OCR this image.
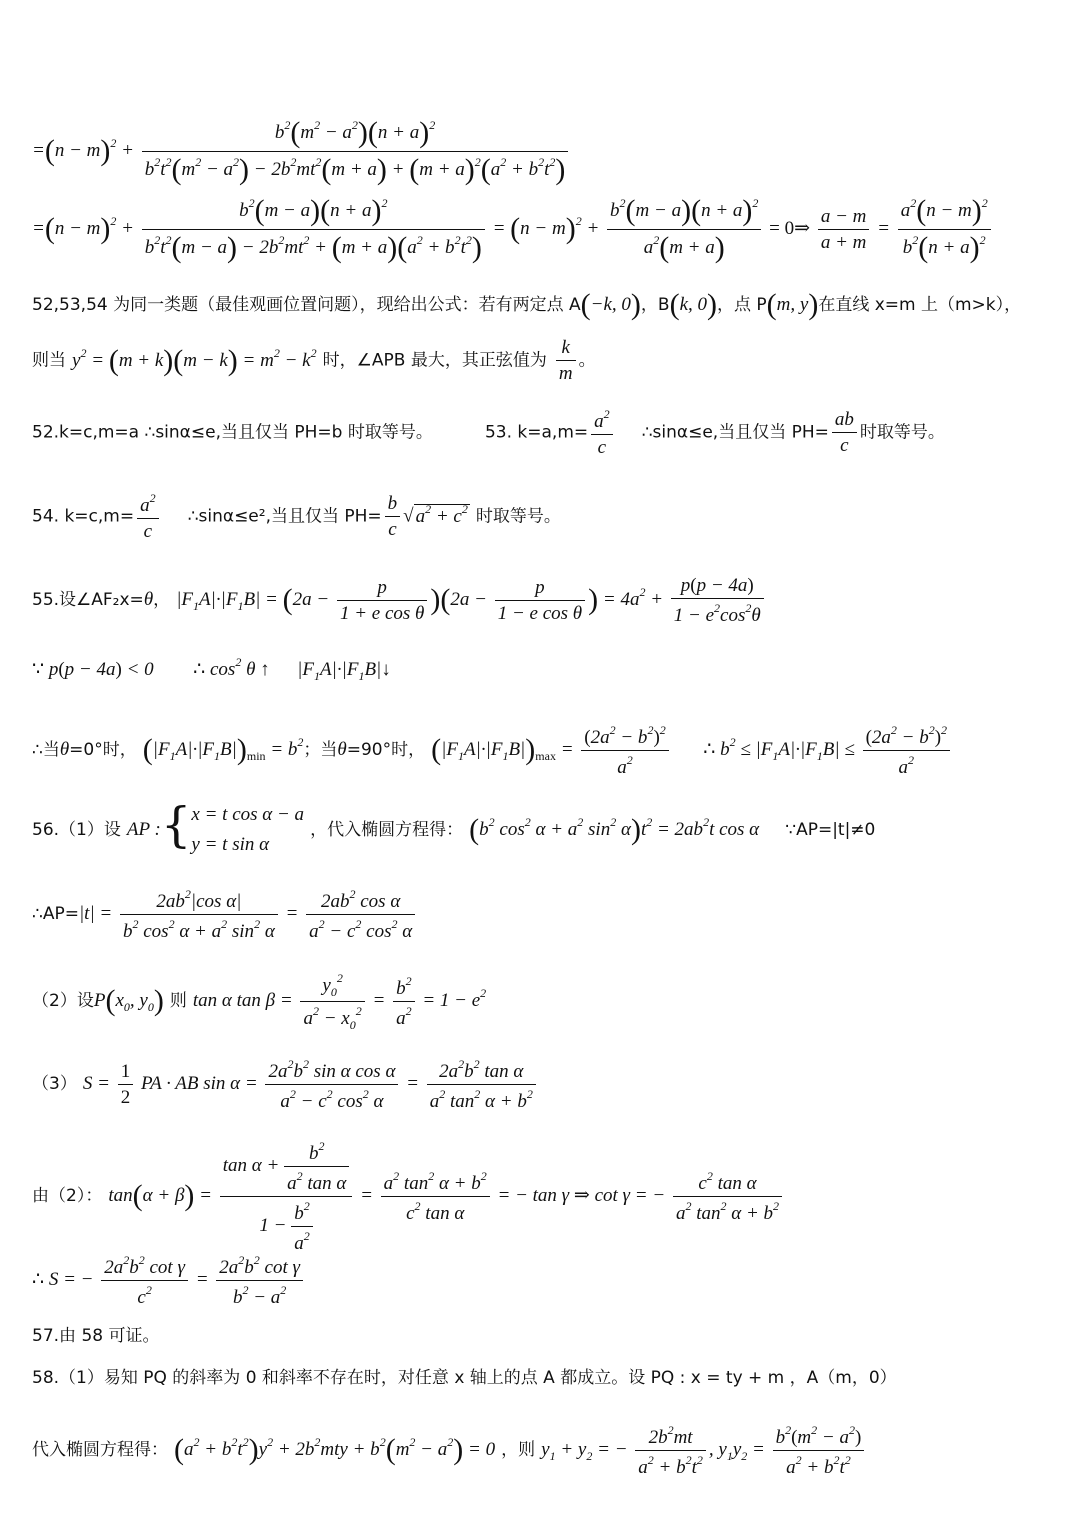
$=(n - m)^2 + \frac{b^2(m^2 - a^2)(n + a)^2}{b^2t^2(m^2 - a^2) - 2b^2mt^2(m + a) + (m + a)^2(a^2 + b^2t^2)}$
$=(n - m)^2 + \frac{b^2(m - a)(n + a)^2}{b^2t^2(m - a) - 2b^2mt^2 + (m + a)(a^2 + b^2t^2)} = (n - m)^2 + \frac{b^2(m - a)(n + a)^2}{a^2(m + a)}$ = 0⇒ $\frac{a - m}{a + m} = \frac{a^2(n - m)^2}{b^2(n + a)^2}$
52,53,54 为同一类题（最佳观画位置问题），现给出公式：若有两定点 A(−k, 0)，B(k, 0)，点 P(m, y)在直线 x=m 上（m>k），
则当 $y^2 = (m + k)(m - k) = m^2 - k^2$ 时，∠APB 最大，其正弦值为 $\frac{k}{m}$ 。
52.k=c,m=a ∴sinα≤e,当且仅当 PH=b 时取等号。	53. $k=a,m= \frac{a^2}{c}$ ∴sinα≤e,当且仅当 $PH= \frac{ab}{c}$ 时取等号。
54. $k=c,m= \frac{a^2}{c}$ ∴sinα≤e²,当且仅当 $PH= \frac{b}{c}$ √ $a^2 + c^2$ 时取等号。
55.设∠AF₂x=θ， $|F_1A|\cdot|F_1B| = (2a - \frac{p}{\text{1 + e cos θ}} )(2a - \frac{p}{\text{1 − e cos θ}}$ ) = $4a^2 + \frac{p(p - 4a)}{1 - e^2\cos^2\theta}$
∵ p(p − 4a) < 0  ∴ $\cos^2 \theta$ ↑  $|F_1A|\cdot|F_1B|↓$
∴当θ=0°时， $(|F_1A|\cdot|F_1B|)_{min} = b^2$；当θ=90°时， $(|F_1A|\cdot|F_1B|)_{max} = \frac{(2a^2 - b^2)^2}{a^2}$ ∴ $b^2 \le |F_1A|\cdot|F_1B| \le \frac{(2a^2 - b^2)^2}{a^2}$
56.（1）设 AP :{ x = t cos α − a
y = t sin α
，代入椭圆方程得： ($b^2$ $\cos^2 \alpha + a^2$ $\sin^2 \alpha)t^2 = 2ab^2t$ cos α ∵AP=|t|≠0
∴AP=|t| = $\frac{2ab^2|\cos \alpha|}{b^2 \cos^2 \alpha + a^2 \sin^2 \alpha} = \frac{2ab^2 \cos \alpha}{a^2 - c^2 \cos^2 \alpha}$
（2）设$P(x_0$, $y_0$) 则 tan α $\tan \beta = \frac{y_0^2}{a^2 - x_0^2} = \frac{b^2}{a^2} = 1 - e^2$
（3） $S = \frac{1}{2}$ PA · AB $\sin \alpha = \frac{2a^2b^2 \sin \alpha \cos \alpha}{a^2 - c^2 \cos^2 \alpha} = \frac{2a^2b^2 \tan \alpha}{a^2 \tan^2 \alpha + b^2}$
由（2）： $\tan(\alpha + \beta) = \frac{\tan \alpha + \frac{b^2}{a^2 \tan \alpha}}{1 - \frac{b^2}{a^2}} = \frac{a^2 \tan^2 \alpha + b^2}{c^2 \tan \alpha}$ = − tan γ ⇒ cot γ = − $\frac{c^2 \tan \alpha}{a^2 \tan^2 \alpha + b^2}$
∴ S = − $\frac{2a^2b^2 \cot \gamma}{c^2} = \frac{2a^2b^2 \cot \gamma}{b^2 - a^2}$
57.由 58 可证。
58.（1）易知 PQ 的斜率为 0 和斜率不存在时，对任意 x 轴上的点 A 都成立。设 PQ : x = ty + m ，A（m，0）
代入椭圆方程得： $(a^2 + b^2t^2)y^2 + 2b^2mty + b^2(m^2 - a^2) = 0$ ，则 $y_1 + y_2$ = − $\frac{2b^2mt}{a^2 + b^2t^2}$ , $y_1y_2 = \frac{b^2(m^2 - a^2)}{a^2 + b^2t^2}$
